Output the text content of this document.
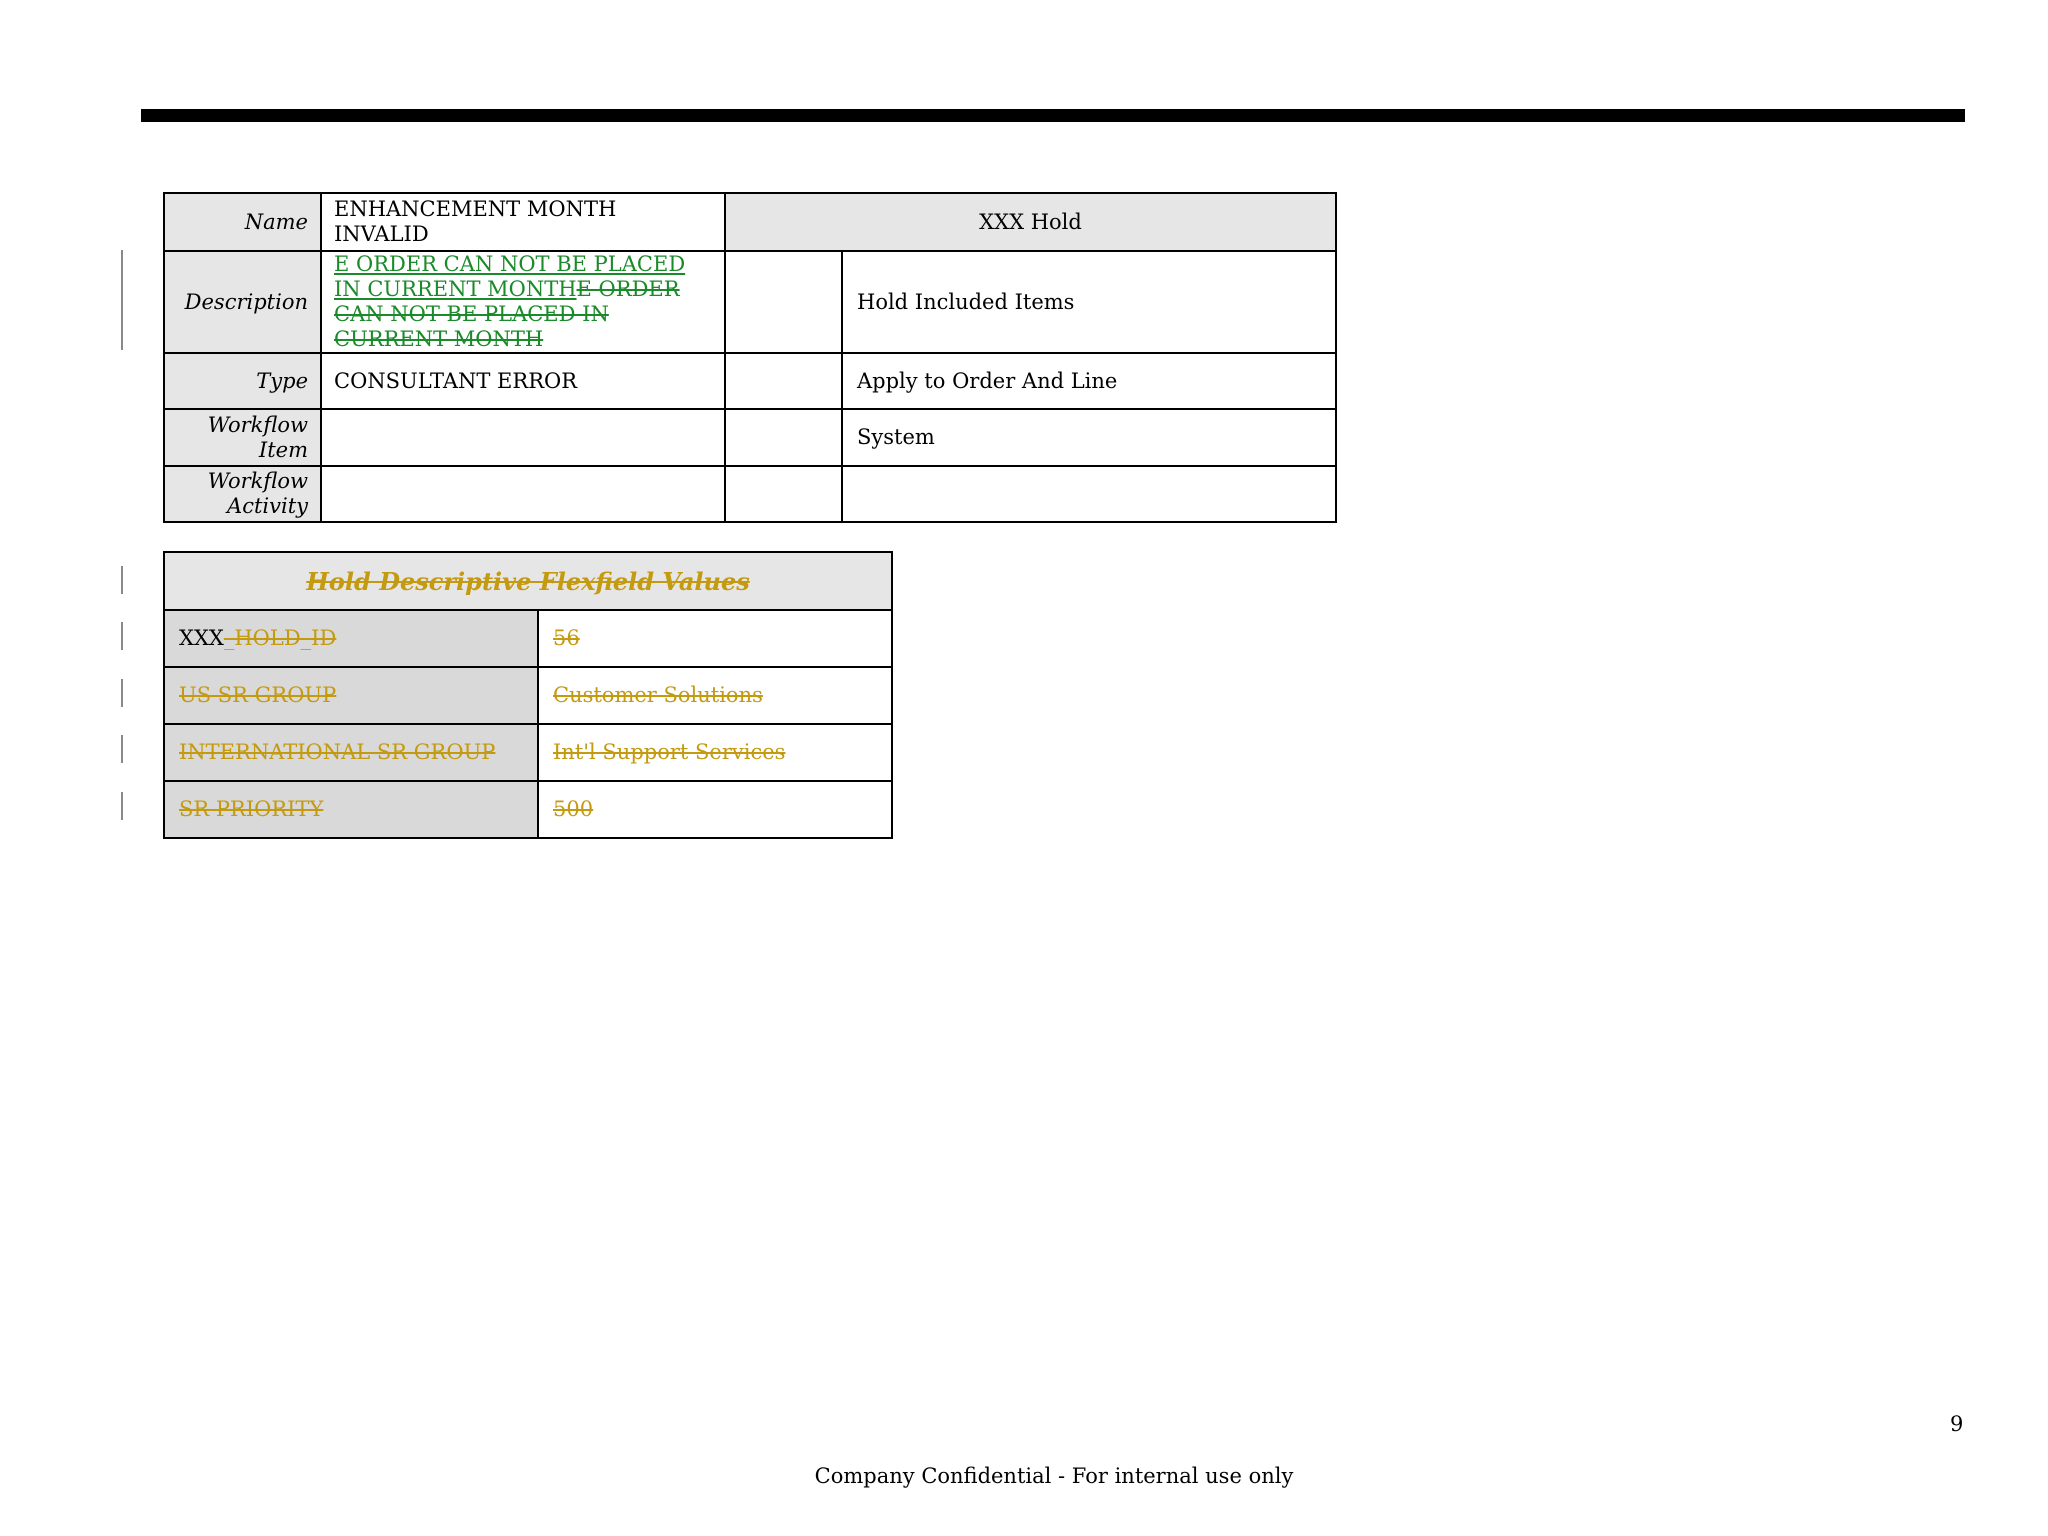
Name	ENHANCEMENT MONTH INVALID	XXX Hold	
Description	E ORDER CAN NOT BE PLACED IN CURRENT MONTHE ORDER CAN NOT BE PLACED IN CURRENT MONTH		Hold Included Items
Type	CONSULTANT ERROR		Apply to Order And Line
Workflow Item			System
Workflow Activity			
Hold Descriptive Flexfield Values	
XXX_HOLD_ID	56
US SR GROUP	Customer Solutions
INTERNATIONAL SR GROUP	Int'l Support Services
SR PRIORITY	500
9
Company Confidential - For internal use only
